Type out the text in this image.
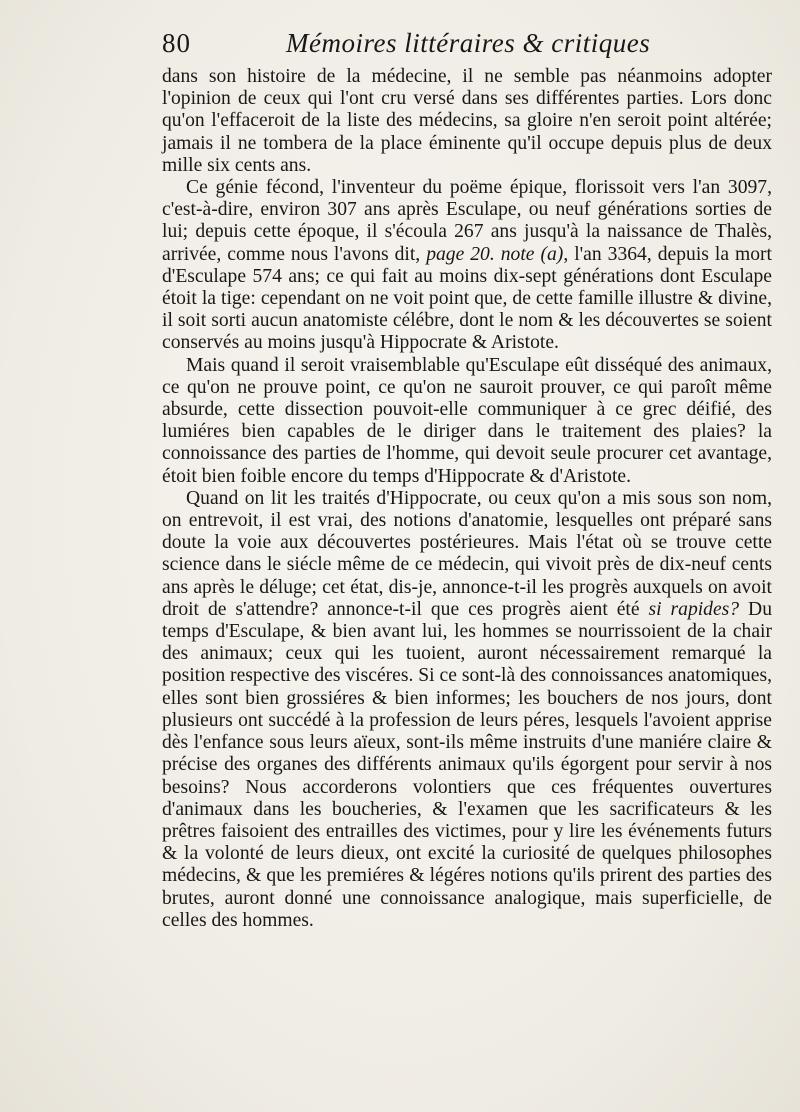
80	Mémoires littéraires & critiques

dans son histoire de la médecine, il ne semble pas néanmoins adopter l'opinion de ceux qui l'ont cru versé dans ses différentes parties. Lors donc qu'on l'effaceroit de la liste des médecins, sa gloire n'en seroit point altérée; jamais il ne tombera de la place éminente qu'il occupe depuis plus de deux mille six cents ans.

Ce génie fécond, l'inventeur du poëme épique, florissoit vers l'an 3097, c'est-à-dire, environ 307 ans après Esculape, ou neuf générations sorties de lui; depuis cette époque, il s'écoula 267 ans jusqu'à la naissance de Thalès, arrivée, comme nous l'avons dit, page 20. note (a), l'an 3364, depuis la mort d'Esculape 574 ans; ce qui fait au moins dix-sept générations dont Esculape étoit la tige: cependant on ne voit point que, de cette famille illustre & divine, il soit sorti aucun anatomiste célébre, dont le nom & les découvertes se soient conservés au moins jusqu'à Hippocrate & Aristote.

Mais quand il seroit vraisemblable qu'Esculape eût disséqué des animaux, ce qu'on ne prouve point, ce qu'on ne sauroit prouver, ce qui paroît même absurde, cette dissection pouvoit-elle communiquer à ce grec déifié, des lumiéres bien capables de le diriger dans le traitement des plaies? la connoissance des parties de l'homme, qui devoit seule procurer cet avantage, étoit bien foible encore du temps d'Hippocrate & d'Aristote.

Quand on lit les traités d'Hippocrate, ou ceux qu'on a mis sous son nom, on entrevoit, il est vrai, des notions d'anatomie, lesquelles ont préparé sans doute la voie aux découvertes postérieures. Mais l'état où se trouve cette science dans le siécle même de ce médecin, qui vivoit près de dix-neuf cents ans après le déluge; cet état, dis-je, annonce-t-il les progrès auxquels on avoit droit de s'attendre? annonce-t-il que ces progrès aient été si rapides? Du temps d'Esculape, & bien avant lui, les hommes se nourrissoient de la chair des animaux; ceux qui les tuoient, auront nécessairement remarqué la position respective des viscéres. Si ce sont-là des connoissances anatomiques, elles sont bien grossiéres & bien informes; les bouchers de nos jours, dont plusieurs ont succédé à la profession de leurs péres, lesquels l'avoient apprise dès l'enfance sous leurs aïeux, sont-ils même instruits d'une maniére claire & précise des organes des différents animaux qu'ils égorgent pour servir à nos besoins? Nous accorderons volontiers que ces fréquentes ouvertures d'animaux dans les boucheries, & l'examen que les sacrificateurs & les prêtres faisoient des entrailles des victimes, pour y lire les événements futurs & la volonté de leurs dieux, ont excité la curiosité de quelques philosophes médecins, & que les premiéres & légéres notions qu'ils prirent des parties des brutes, auront donné une connoissance analogique, mais superficielle, de celles des hommes.
